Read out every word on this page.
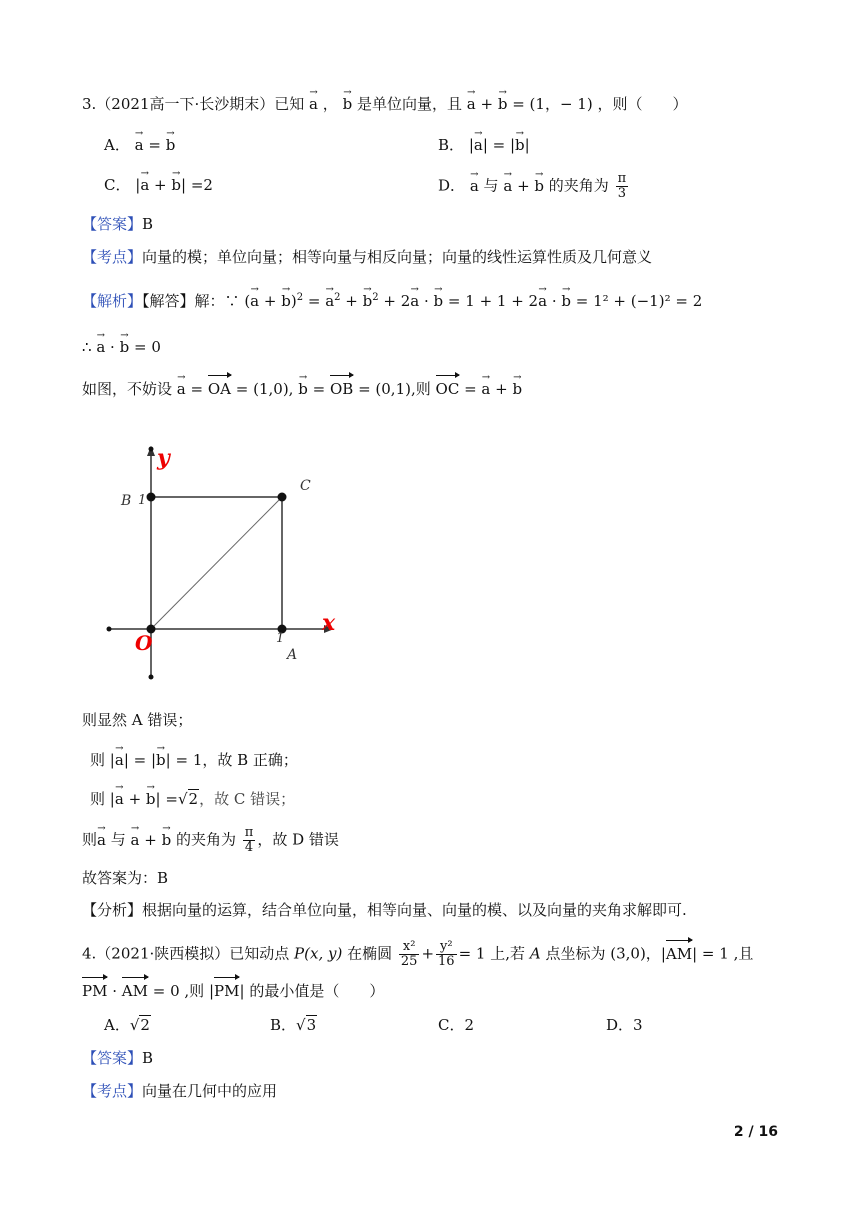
3.（2021高一下·长沙期末）已知 → a ， → b 是单位向量，且 → a + → b = (1，− 1) ，则（　　）
A． → a = → b	B． |→ a| = |→ b|
C． |→ a + → b| =2	D． → a 与 → a + → b 的夹角为 $\frac{\pi}{3}$
【答案】B
【考点】向量的模；单位向量；相等向量与相反向量；向量的线性运算性质及几何意义
【解析】【解答】解：∵ (→ a + → b)$^2$ = → $a^2$ + → $b^2 + 2\to a$ · → b = 1 + 1 + 2→ a · → b = 1² + (−1)² = 2
∴ → a · → b = 0
如图，不妨设 → a = OA = (1,0), → b = OB = (0,1),则 OC = → a + → b
y
x
O	A
B
C
1
1
则显然 A 错误；
则 |→ a| = |→ b| = 1，故 B 正确；
则 |→ a + → b| =√2，故 C 错误；
则→ a 与 → a + → b 的夹角为 $\frac{\pi}{4}$ ，故 D 错误
故答案为：B
【分析】根据向量的运算，结合单位向量，相等向量、向量的模、以及向量的夹角求解即可.
4.（2021·陕西模拟）已知动点 P(x, y) 在椭圆 $\frac{\text{x²}}{25} + \frac{\text{y²}}{16} = 1$ 上,若 A 点坐标为 (3,0)，|AM| = 1 ,且
PM · AM = 0 ,则 |PM| 的最小值是（　　）
A．√2	B．√3	C．2	D．3
【答案】B
【考点】向量在几何中的应用
2 / 16
